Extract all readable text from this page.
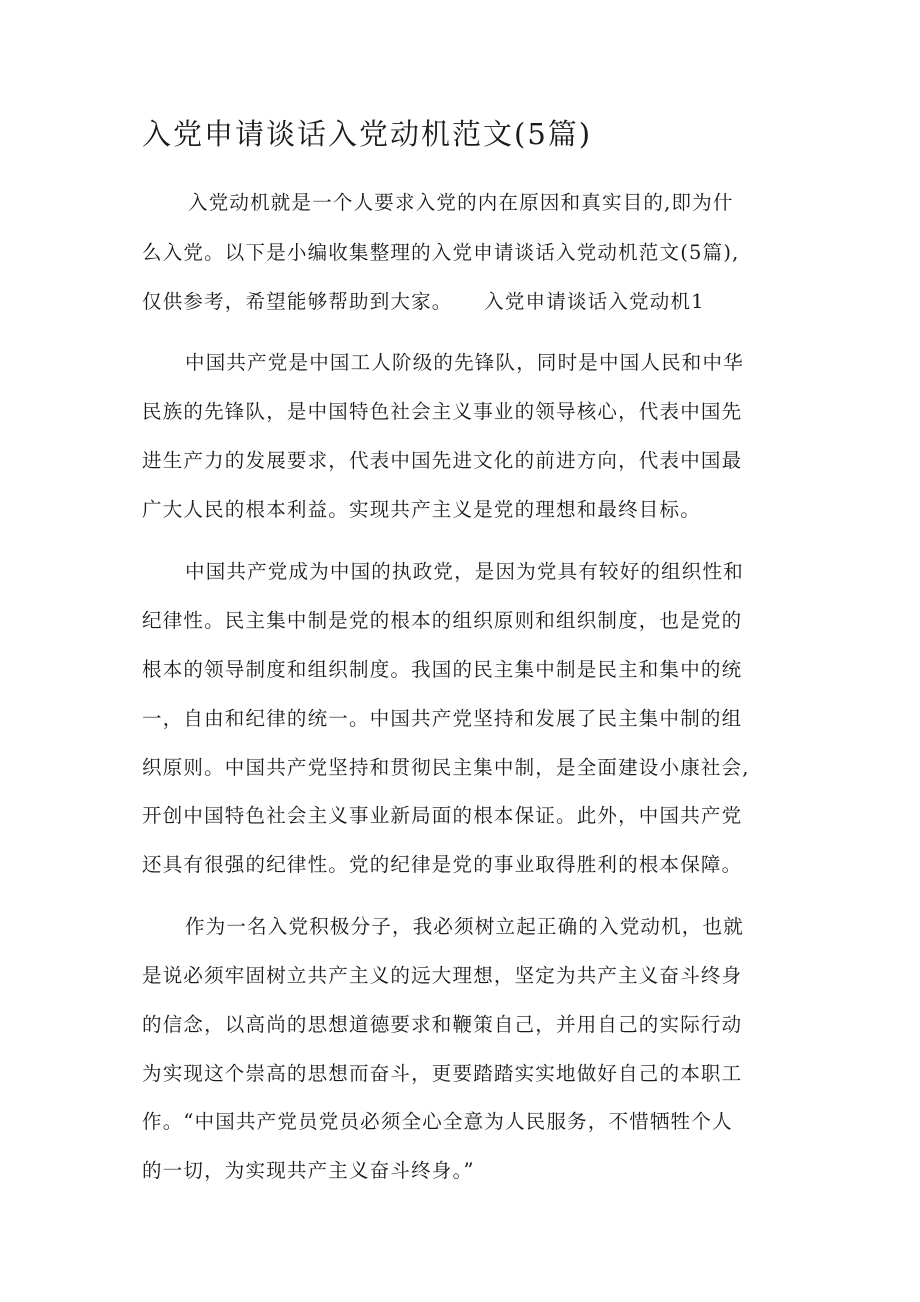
入党申请谈话入党动机范文(5篇)
入党动机就是一个人要求入党的内在原因和真实目的,即为什
么入党。以下是小编收集整理的入党申请谈话入党动机范文(5篇),
仅供参考，希望能够帮助到大家。　　入党申请谈话入党动机1
中国共产党是中国工人阶级的先锋队，同时是中国人民和中华
民族的先锋队，是中国特色社会主义事业的领导核心，代表中国先
进生产力的发展要求，代表中国先进文化的前进方向，代表中国最
广大人民的根本利益。实现共产主义是党的理想和最终目标。
中国共产党成为中国的执政党，是因为党具有较好的组织性和
纪律性。民主集中制是党的根本的组织原则和组织制度，也是党的
根本的领导制度和组织制度。我国的民主集中制是民主和集中的统
一，自由和纪律的统一。中国共产党坚持和发展了民主集中制的组
织原则。中国共产党坚持和贯彻民主集中制，是全面建设小康社会,
开创中国特色社会主义事业新局面的根本保证。此外，中国共产党
还具有很强的纪律性。党的纪律是党的事业取得胜利的根本保障。
作为一名入党积极分子，我必须树立起正确的入党动机，也就
是说必须牢固树立共产主义的远大理想，坚定为共产主义奋斗终身
的信念，以高尚的思想道德要求和鞭策自己，并用自己的实际行动
为实现这个崇高的思想而奋斗，更要踏踏实实地做好自己的本职工
作。“中国共产党员党员必须全心全意为人民服务，不惜牺牲个人
的一切，为实现共产主义奋斗终身。”
